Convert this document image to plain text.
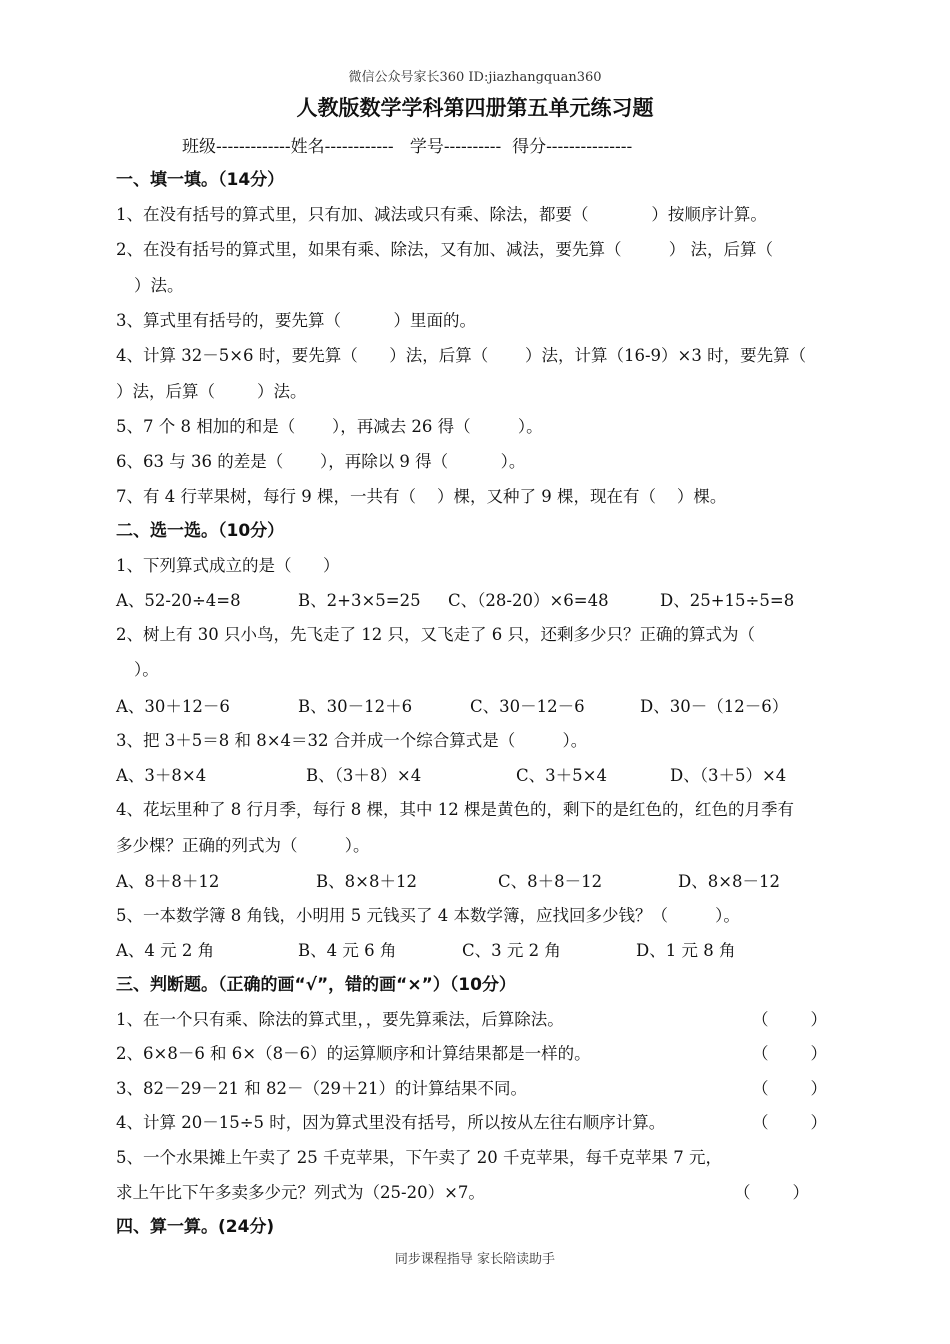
微信公众号家长360 ID:jiazhangquan360
人教版数学学科第四册第五单元练习题
班级-------------姓名------------   学号----------  得分---------------
一、填一填。（14分）
1、在没有括号的算式里，只有加、减法或只有乘、除法，都要（            ）按顺序计算。
2、在没有括号的算式里，如果有乘、除法，又有加、减法，要先算（         ） 法，后算（
）法。
3、算式里有括号的，要先算（          ）里面的。
4、计算 32－5×6 时，要先算（      ）法，后算（       ）法，计算（16-9）×3 时，要先算（
）法，后算（        ）法。
5、7 个 8 相加的和是（       ），再减去 26 得（         ）。
6、63 与 36 的差是（       ），再除以 9 得（          ）。
7、有 4 行苹果树，每行 9 棵，一共有（    ）棵，又种了 9 棵，现在有（    ）棵。
二、选一选。（10分）
1、下列算式成立的是（      ）
A、52-20÷4=8	B、2+3×5=25 C、（28-20）×6=48	D、25+15÷5=8
2、树上有 30 只小鸟，先飞走了 12 只，又飞走了 6 只，还剩多少只？正确的算式为（
）。
A、30＋12－6	B、30－12＋6	C、30－12－6	D、30－（12－6）
3、把 3＋5＝8 和 8×4＝32 合并成一个综合算式是（         ）。
A、3＋8×4	B、（3＋8）×4	C、3＋5×4	D、（3＋5）×4
4、花坛里种了 8 行月季，每行 8 棵，其中 12 棵是黄色的，剩下的是红色的，红色的月季有
多少棵？正确的列式为（         ）。
A、8＋8＋12	B、8×8＋12	C、8＋8－12	D、8×8－12
5、一本数学簿 8 角钱，小明用 5 元钱买了 4 本数学簿，应找回多少钱？（         ）。
A、4 元 2 角	B、4 元 6 角	C、3 元 2 角	D、1 元 8 角
三、判断题。（正确的画“√”，错的画“×”）（10分）
1、在一个只有乘、除法的算式里，，要先算乘法，后算除法。	（        ）
2、6×8－6 和 6×（8－6）的运算顺序和计算结果都是一样的。	（        ）
3、82－29－21 和 82－（29＋21）的计算结果不同。	（        ）
4、计算 20－15÷5 时，因为算式里没有括号，所以按从左往右顺序计算。	（        ）
5、一个水果摊上午卖了 25 千克苹果，下午卖了 20 千克苹果，每千克苹果 7 元，
求上午比下午多卖多少元？列式为（25-20）×7。	（        ）
四、算一算。(24分)
同步课程指导 家长陪读助手
